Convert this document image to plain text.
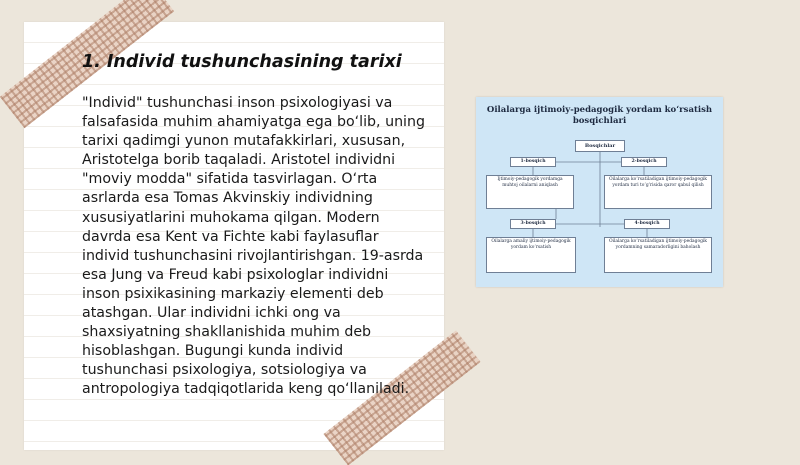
1. Individ tushunchasining tarixi

"Individ" tushunchasi inson psixologiyasi va falsafasida muhim ahamiyatga ega bo‘lib, uning tarixi qadimgi yunon mutafakkirlari, xususan, Aristotelga borib taqaladi. Aristotel individni "moviy modda" sifatida tasvirlagan. O‘rta asrlarda esa Tomas Akvinskiy individning xususiyatlarini muhokama qilgan. Modern davrda esa Kent va Fichte kabi faylasuflar individ tushunchasini rivojlantirishgan. 19-asrda esa Jung va Freud kabi psixologlar individni inson psixikasining markaziy elementi deb atashgan. Ular individni ichki ong va shaxsiyatning shakllanishida muhim deb hisoblashgan. Bugungi kunda individ tushunchasi psixologiya, sotsiologiya va antropologiya tadqiqotlarida keng qo‘llaniladi.

Oilalarga ijtimoiy-pedagogik yordam ko‘rsatish bosqichlari
Bosqichlar
1-bosqich	2-bosqich
3-bosqich	4-bosqich
Ijtimoiy-pedagogik yordamga muhtoj oilalarni aniqlash
Oilalarga ko‘rsatiladigan ijtimoiy-pedagogik yordam turi to‘g‘risida qaror qabul qilish
Oilalarga amaliy ijtimoiy-pedagogik yordam ko‘rsatish
Oilalarga ko‘rsatiladigan ijtimoiy-pedagogik yordamning samaradorligini baholash
